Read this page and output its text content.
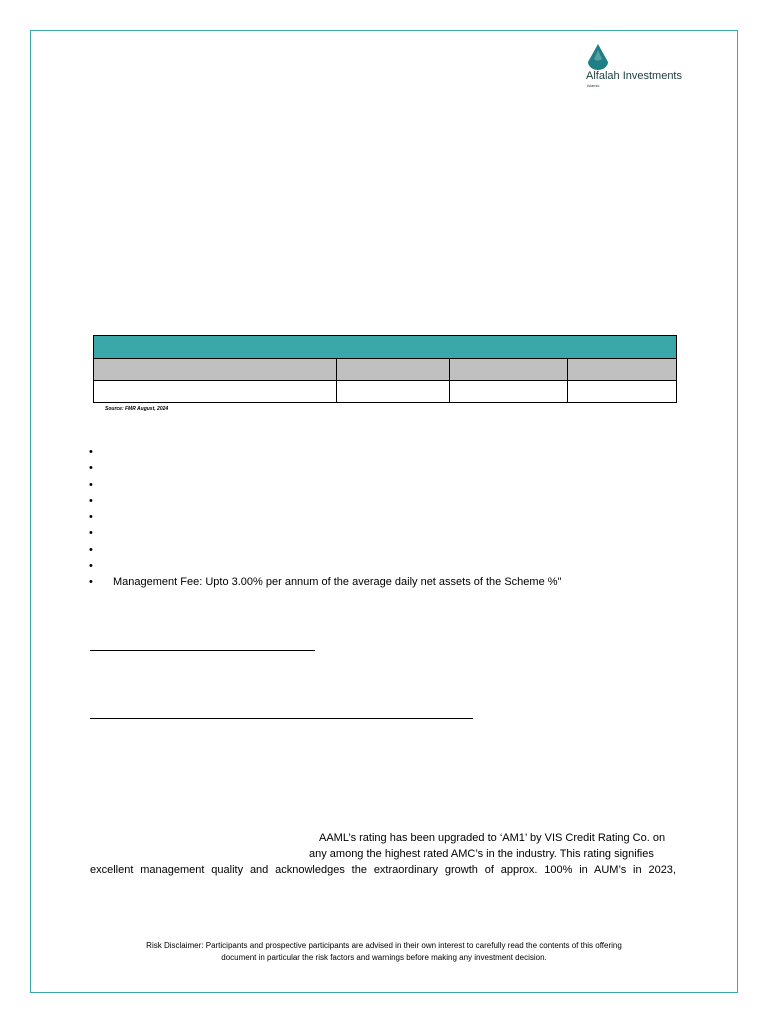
Alfalah Investments
Islamic

Source: FMR August, 2024
•
•
•
•
•
•
•
•
• Management Fee: Upto 3.00% per annum of the average daily net assets of the Scheme %"
AAML’s rating has been upgraded to ‘AM1’ by VIS Credit Rating Co. on
any among the highest rated AMC’s in the industry. This rating signifies
excellent management quality and acknowledges the extraordinary growth of approx. 100% in AUM’s in 2023,
Risk Disclaimer: Participants and prospective participants are advised in their own interest to carefully read the contents of this offering
document in particular the risk factors and warnings before making any investment decision.
